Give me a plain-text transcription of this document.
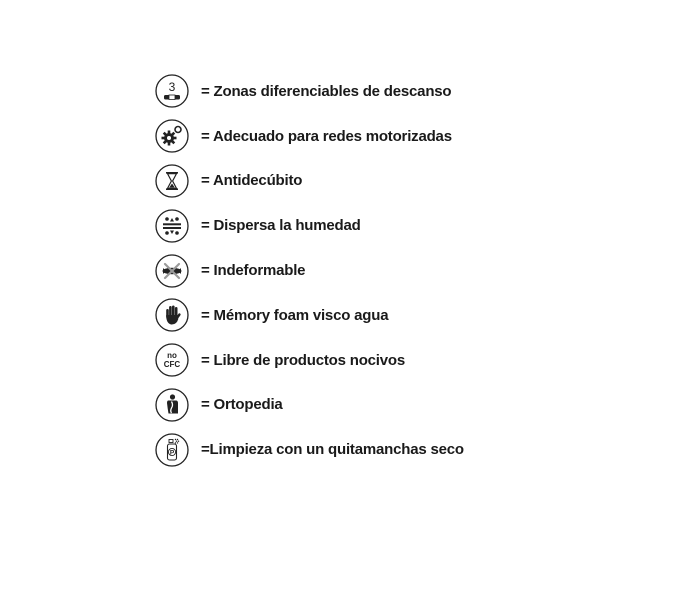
3 = Zonas diferenciables de descanso
= Adecuado para redes motorizadas
= Antidecúbito
= Dispersa la humedad
= Indeformable
= Mémory foam visco agua
no
CFC = Libre de productos nocivos
= Ortopedia
P =Limpieza con un quitamanchas seco
